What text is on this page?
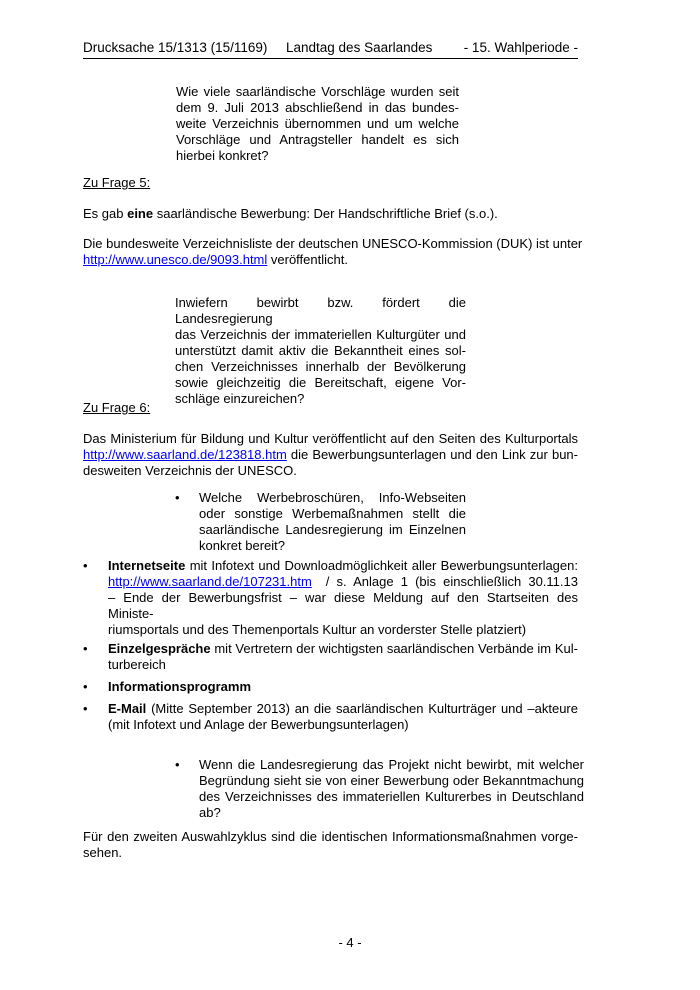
Drucksache 15/1313 (15/1169) Landtag des Saarlandes - 15. Wahlperiode -
Wie viele saarländische Vorschläge wurden seit
dem 9. Juli 2013 abschließend in das bundes-
weite Verzeichnis übernommen und um welche
Vorschläge und Antragsteller handelt es sich
hierbei konkret?
Zu Frage 5:
Es gab eine saarländische Bewerbung: Der Handschriftliche Brief (s.o.).
Die bundesweite Verzeichnisliste der deutschen UNESCO-Kommission (DUK) ist unter
http://www.unesco.de/9093.html veröffentlicht.
Inwiefern bewirbt bzw. fördert die Landesregierung
das Verzeichnis der immateriellen Kulturgüter und
unterstützt damit aktiv die Bekanntheit eines sol-
chen Verzeichnisses innerhalb der Bevölkerung
sowie gleichzeitig die Bereitschaft, eigene Vor-
schläge einzureichen?
Zu Frage 6:
Das Ministerium für Bildung und Kultur veröffentlicht auf den Seiten des Kulturportals
http://www.saarland.de/123818.htm die Bewerbungsunterlagen und den Link zur bun-
desweiten Verzeichnis der UNESCO.
• Welche Werbebroschüren, Info-Webseiten
oder sonstige Werbemaßnahmen stellt die
saarländische Landesregierung im Einzelnen
konkret bereit?
• Internetseite mit Infotext und Downloadmöglichkeit aller Bewerbungsunterlagen:
http://www.saarland.de/107231.htm / s. Anlage 1 (bis einschließlich 30.11.13
– Ende der Bewerbungsfrist – war diese Meldung auf den Startseiten des Ministe-
riumsportals und des Themenportals Kultur an vorderster Stelle platziert)
• Einzelgespräche mit Vertretern der wichtigsten saarländischen Verbände im Kul-
turbereich
• Informationsprogramm
• E-Mail (Mitte September 2013) an die saarländischen Kulturträger und –akteure
(mit Infotext und Anlage der Bewerbungsunterlagen)
• Wenn die Landesregierung das Projekt nicht bewirbt, mit welcher
Begründung sieht sie von einer Bewerbung oder Bekanntmachung
des Verzeichnisses des immateriellen Kulturerbes in Deutschland
ab?
Für den zweiten Auswahlzyklus sind die identischen Informationsmaßnahmen vorge-
sehen.
- 4 -
